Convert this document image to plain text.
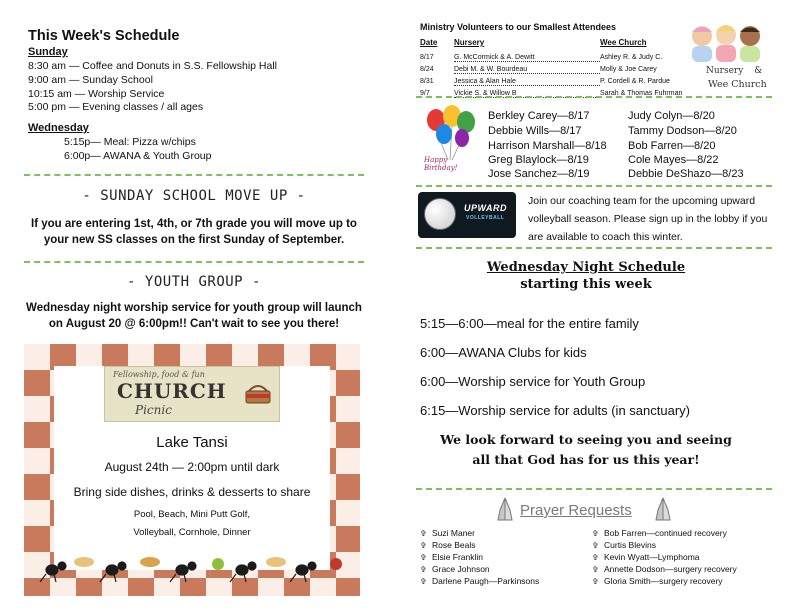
This Week's Schedule
Sunday
8:30 am — Coffee and Donuts in S.S. Fellowship Hall
9:00 am — Sunday School
10:15 am — Worship Service
5:00 pm — Evening classes / all ages
Wednesday
5:15p— Meal: Pizza w/chips
6:00p— AWANA & Youth Group
- SUNDAY SCHOOL MOVE UP -
If you are entering 1st, 4th, or 7th grade you will move up to your new SS classes on the first Sunday of September.
- YOUTH GROUP -
Wednesday night worship service for youth group will launch on August 20 @ 6:00pm!! Can't wait to see you there!
Fellowship, food & fun
CHURCH
Picnic
Lake Tansi
August 24th — 2:00pm until dark
Bring side dishes, drinks & desserts to share
Pool, Beach, Mini Putt Golf,
Volleyball, Cornhole, Dinner
Ministry Volunteers to our Smallest Attendees
Date	Nursery	Wee Church
8/17	G. McCormick & A. Dewitt	Ashley R. & Judy C.
8/24	Debi M. & W. Bourdeau	Molly & Joe Carey
8/31	Jessica & Alan Hale	P. Cordell & R. Pardue
9/7	Vickie S. & Willow B	Sarah & Thomas Fuhrman
Nursery &
Wee Church
Happy Birthday!
Berkley Carey—8/17
Debbie Wills—8/17
Harrison Marshall—8/18
Greg Blaylock—8/19
Jose Sanchez—8/19
Judy Colyn—8/20
Tammy Dodson—8/20
Bob Farren—8/20
Cole Mayes—8/22
Debbie DeShazo—8/23
UPWARD
VOLLEYBALL
Join our coaching team for the upcoming upward volleyball season. Please sign up in the lobby if you are available to coach this winter.
Wednesday Night Schedule
starting this week
5:15—6:00—meal for the entire family
6:00—AWANA Clubs for kids
6:00—Worship service for Youth Group
6:15—Worship service for adults (in sanctuary)
We look forward to seeing you and seeing
all that God has for us this year!
Prayer Requests
✞ Suzi Maner
✞ Rose Beals
✞ Elsie Franklin
✞ Grace Johnson
✞ Darlene Paugh—Parkinsons
✞ Bob Farren—continued recovery
✞ Curtis Blevins
✞ Kevin Wyatt—Lymphoma
✞ Annette Dodson—surgery recovery
✞ Gloria Smith—surgery recovery
